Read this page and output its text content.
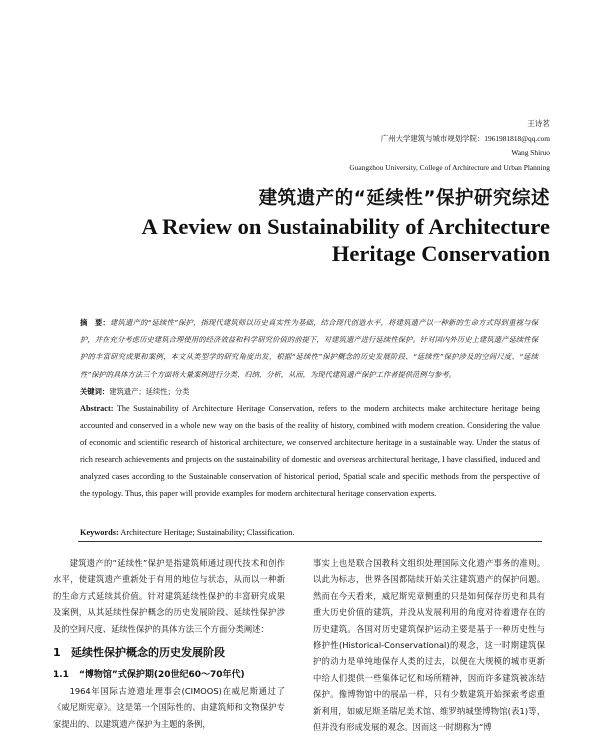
王诗茗
广州大学建筑与城市规划学院：1961981818@qq.com
Wang Shiruo
Guangzhou University, College of Architecture and Urban Planning
建筑遗产的“延续性”保护研究综述
A Review on Sustainability of Architecture
Heritage Conservation
摘　要：建筑遗产的“延续性”保护，指现代建筑师以历史真实性为基础，结合现代创造水平，将建筑遗产以一种新的生命方式得到重视与保护，并在充分考虑历史建筑合理使用的经济效益和科学研究价值的前提下，对建筑遗产进行延续性保护。针对国内外历史上建筑遗产延续性保护的丰富研究成果和案例，本文从类型学的研究角度出发，根据“延续性”保护概念的历史发展阶段、“延续性”保护涉及的空间尺度、“延续性”保护的具体方法三个方面将大量案例进行分类、归纳、分析，从而，为现代建筑遗产保护工作者提供范例与参考。
关键词：建筑遗产；延续性；分类
Abstract: The Sustainability of Architecture Heritage Conservation, refers to the modern architects make architecture heritage being accounted and conserved in a whole new way on the basis of the reality of history, combined with modern creation. Considering the value of economic and scientific research of historical architecture, we conserved architecture heritage in a sustainable way. Under the status of rich research achievements and projects on the sustainability of domestic and overseas architectural heritage, I have classified, induced and analyzed cases according to the Sustainable conservation of historical period, Spatial scale and specific methods from the perspective of the typology. Thus, this paper will provide examples for modern architectural heritage conservation experts.
Keywords: Architecture Heritage; Sustainability; Classification.

建筑遗产的“延续性”保护是指建筑师通过现代技术和创作水平，使建筑遗产重新处于有用的地位与状态，从而以一种新的生命方式延续其价值。针对建筑延续性保护的丰富研究成果及案例，从其延续性保护概念的历史发展阶段、延续性保护涉及的空间尺度、延续性保护的具体方法三个方面分类阐述：

1 延续性保护概念的历史发展阶段

1.1 “博物馆”式保护期(20世纪60～70年代)

1964年国际古迹遗址理事会(CIMOOS)在威尼斯通过了《威尼斯宪章》。这是第一个国际性的、由建筑师和文物保护专家提出的、以建筑遗产保护为主题的条例，

事实上也是联合国教科文组织处理国际文化遗产事务的准则。以此为标志，世界各国都陆续开始关注建筑遗产的保护问题。然而在今天看来，威尼斯宪章侧重的只是如何保存历史和具有重大历史价值的建筑，并没从发展利用的角度对待着遗存在的历史建筑。各国对历史建筑保护运动主要是基于一种历史性与修护性(Historical-Conservational)的观念，这一时期建筑保护的动力是单纯地保存人类的过去，以便在大规模的城市更新中给人们提供一些集体记忆和场所精神，因而许多建筑被冻结保护。像博物馆中的展品一样，只有少数建筑开始探索考虑重新利用，如威尼斯圣瑞尼美术馆、维罗纳城堡博物馆(表1)等，但并没有形成发展的观念。因而这一时期称为“博
